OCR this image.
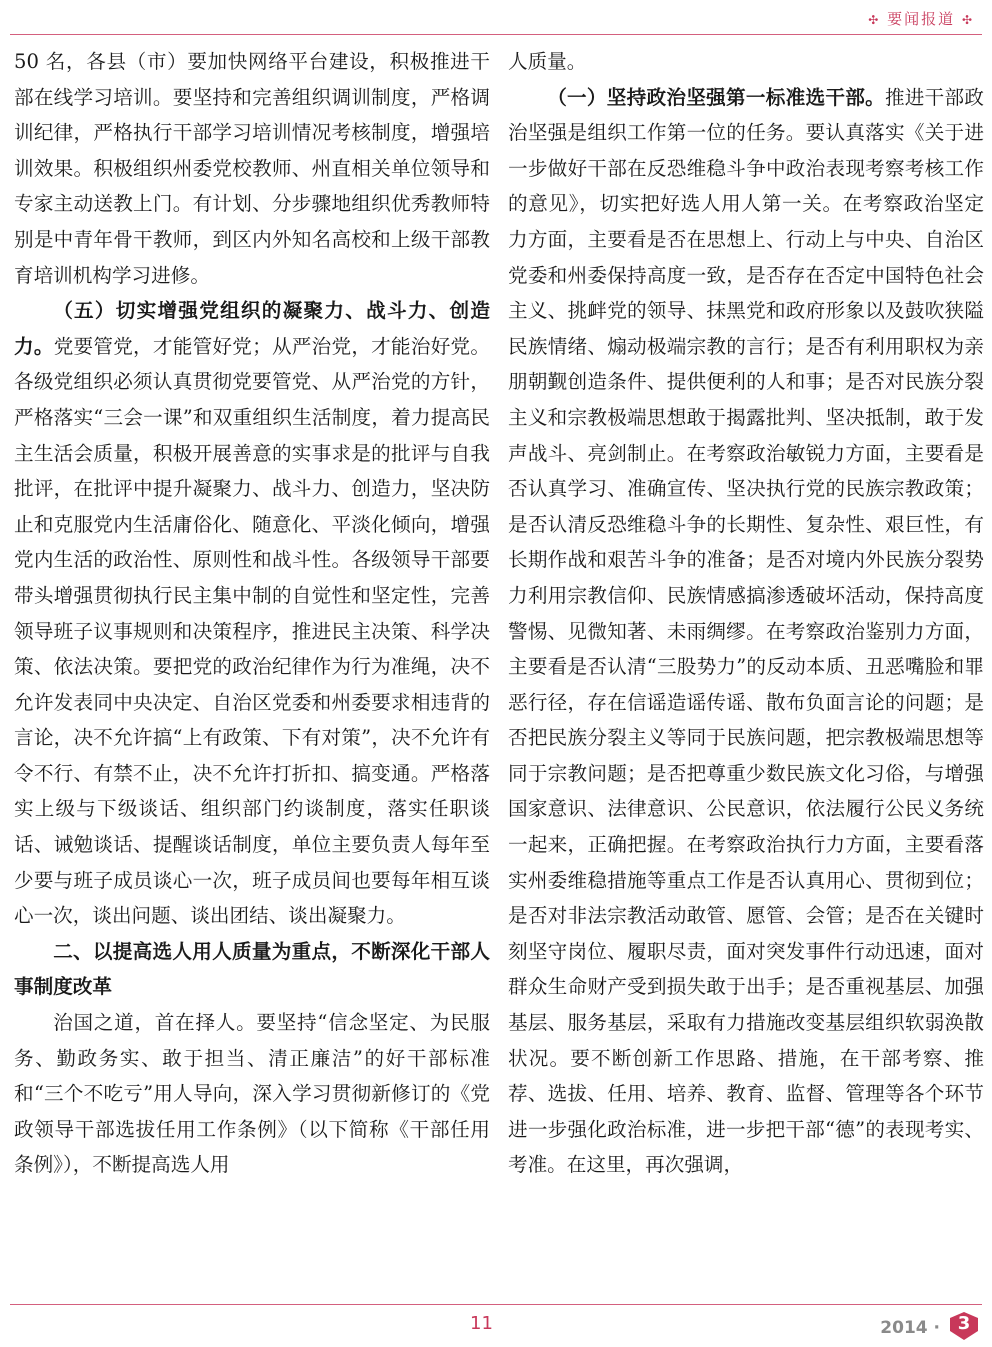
✣ 要闻报道 ✣

50 名，各县（市）要加快网络平台建设，积极推进干部在线学习培训。要坚持和完善组织调训制度，严格调训纪律，严格执行干部学习培训情况考核制度，增强培训效果。积极组织州委党校教师、州直相关单位领导和专家主动送教上门。有计划、分步骤地组织优秀教师特别是中青年骨干教师，到区内外知名高校和上级干部教育培训机构学习进修。

（五）切实增强党组织的凝聚力、战斗力、创造力。党要管党，才能管好党；从严治党，才能治好党。各级党组织必须认真贯彻党要管党、从严治党的方针，严格落实“三会一课”和双重组织生活制度，着力提高民主生活会质量，积极开展善意的实事求是的批评与自我批评，在批评中提升凝聚力、战斗力、创造力，坚决防止和克服党内生活庸俗化、随意化、平淡化倾向，增强党内生活的政治性、原则性和战斗性。各级领导干部要带头增强贯彻执行民主集中制的自觉性和坚定性，完善领导班子议事规则和决策程序，推进民主决策、科学决策、依法决策。要把党的政治纪律作为行为准绳，决不允许发表同中央决定、自治区党委和州委要求相违背的言论，决不允许搞“上有政策、下有对策”，决不允许有令不行、有禁不止，决不允许打折扣、搞变通。严格落实上级与下级谈话、组织部门约谈制度，落实任职谈话、诫勉谈话、提醒谈话制度，单位主要负责人每年至少要与班子成员谈心一次，班子成员间也要每年相互谈心一次，谈出问题、谈出团结、谈出凝聚力。

二、以提高选人用人质量为重点，不断深化干部人事制度改革

治国之道，首在择人。要坚持“信念坚定、为民服务、勤政务实、敢于担当、清正廉洁”的好干部标准和“三个不吃亏”用人导向，深入学习贯彻新修订的《党政领导干部选拔任用工作条例》（以下简称《干部任用条例》），不断提高选人用

人质量。

（一）坚持政治坚强第一标准选干部。推进干部政治坚强是组织工作第一位的任务。要认真落实《关于进一步做好干部在反恐维稳斗争中政治表现考察考核工作的意见》，切实把好选人用人第一关。在考察政治坚定力方面，主要看是否在思想上、行动上与中央、自治区党委和州委保持高度一致，是否存在否定中国特色社会主义、挑衅党的领导、抹黑党和政府形象以及鼓吹狭隘民族情绪、煽动极端宗教的言行；是否有利用职权为亲朋朝觐创造条件、提供便利的人和事；是否对民族分裂主义和宗教极端思想敢于揭露批判、坚决抵制，敢于发声战斗、亮剑制止。在考察政治敏锐力方面，主要看是否认真学习、准确宣传、坚决执行党的民族宗教政策；是否认清反恐维稳斗争的长期性、复杂性、艰巨性，有长期作战和艰苦斗争的准备；是否对境内外民族分裂势力利用宗教信仰、民族情感搞渗透破坏活动，保持高度警惕、见微知著、未雨绸缪。在考察政治鉴别力方面，主要看是否认清“三股势力”的反动本质、丑恶嘴脸和罪恶行径，存在信谣造谣传谣、散布负面言论的问题；是否把民族分裂主义等同于民族问题，把宗教极端思想等同于宗教问题；是否把尊重少数民族文化习俗，与增强国家意识、法律意识、公民意识，依法履行公民义务统一起来，正确把握。在考察政治执行力方面，主要看落实州委维稳措施等重点工作是否认真用心、贯彻到位；是否对非法宗教活动敢管、愿管、会管；是否在关键时刻坚守岗位、履职尽责，面对突发事件行动迅速，面对群众生命财产受到损失敢于出手；是否重视基层、加强基层、服务基层，采取有力措施改变基层组织软弱涣散状况。要不断创新工作思路、措施，在干部考察、推荐、选拔、任用、培养、教育、监督、管理等各个环节进一步强化政治标准，进一步把干部“德”的表现考实、考准。在这里，再次强调，

11	2014 · 3
